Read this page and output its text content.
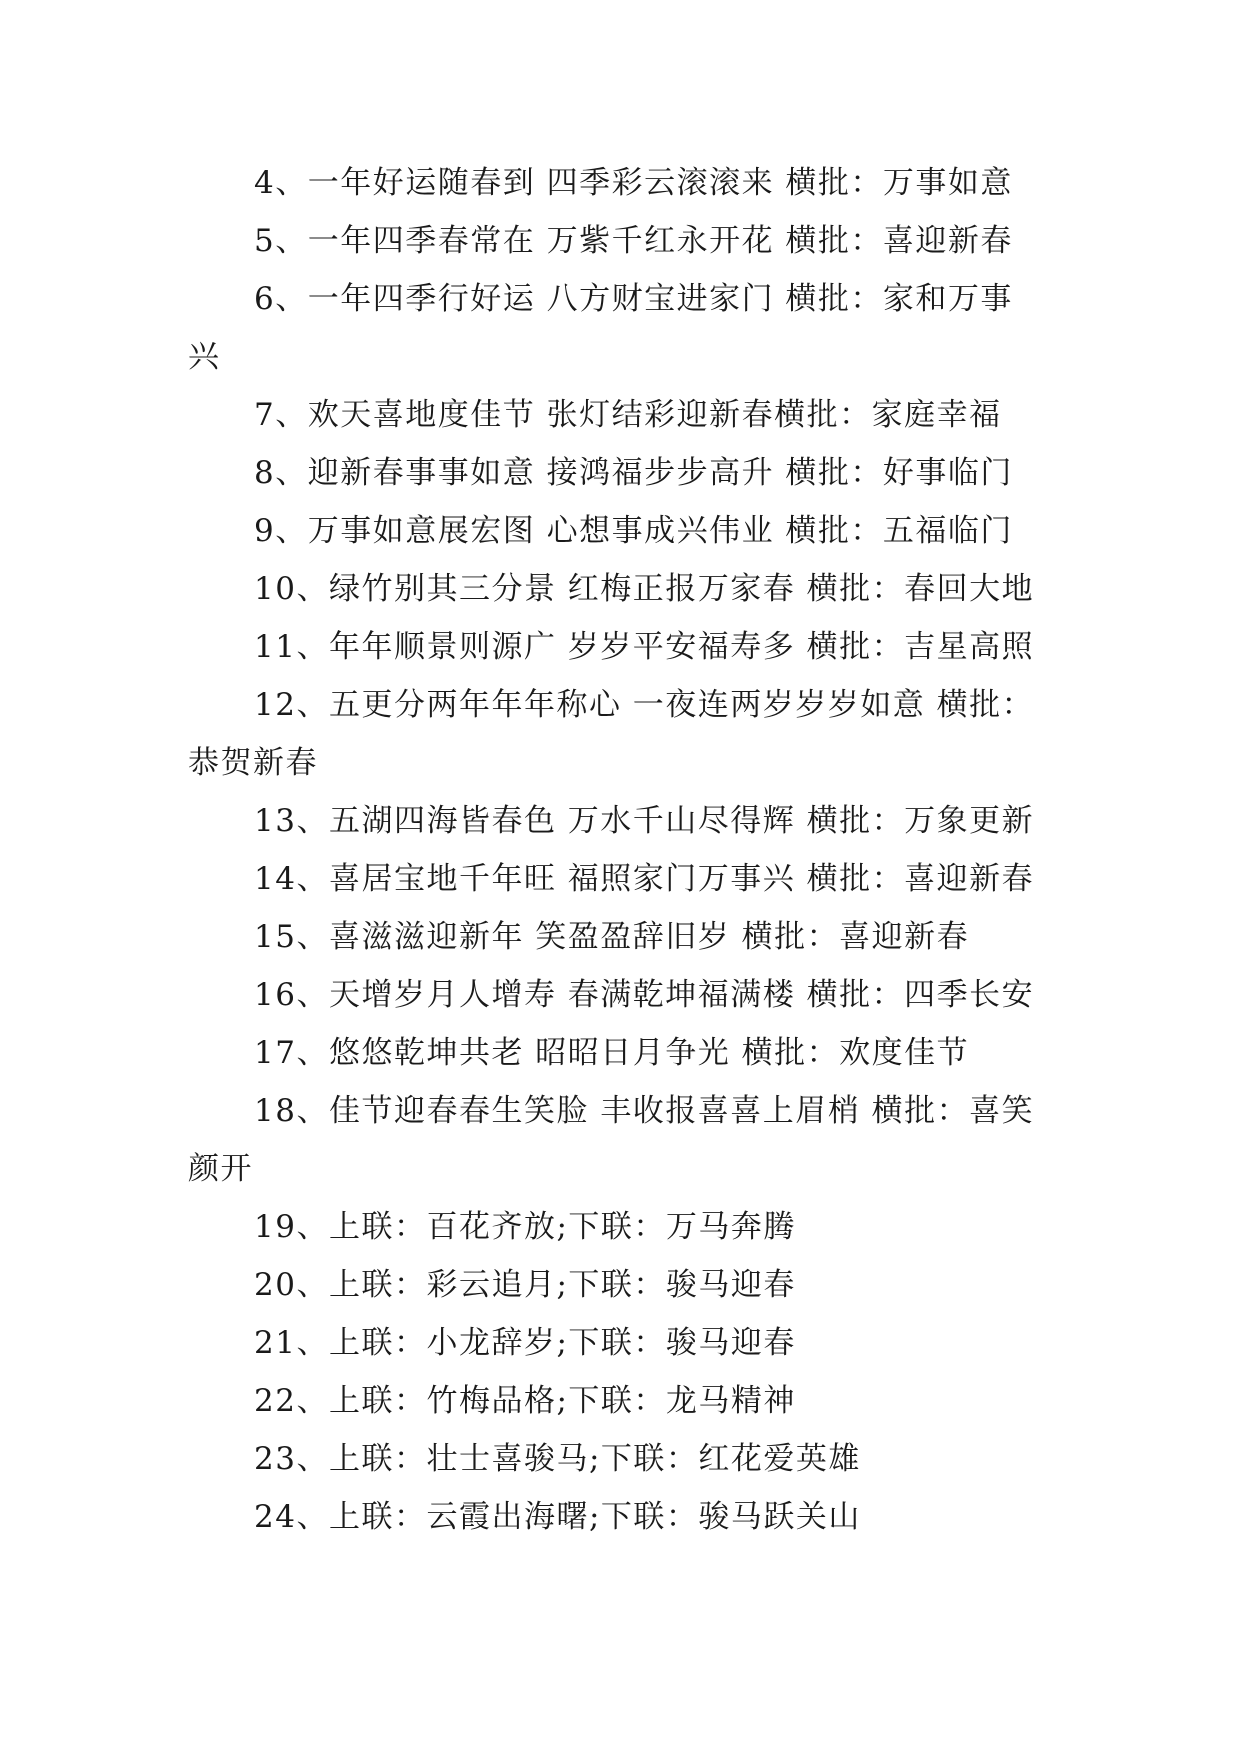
4、一年好运随春到 四季彩云滚滚来 横批：万事如意
5、一年四季春常在 万紫千红永开花 横批：喜迎新春
6、一年四季行好运 八方财宝进家门 横批：家和万事
兴
7、欢天喜地度佳节 张灯结彩迎新春横批：家庭幸福
8、迎新春事事如意 接鸿福步步高升 横批：好事临门
9、万事如意展宏图 心想事成兴伟业 横批：五福临门
10、绿竹别其三分景 红梅正报万家春 横批：春回大地
11、年年顺景则源广 岁岁平安福寿多 横批：吉星高照
12、五更分两年年年称心 一夜连两岁岁岁如意 横批：
恭贺新春
13、五湖四海皆春色 万水千山尽得辉 横批：万象更新
14、喜居宝地千年旺 福照家门万事兴 横批：喜迎新春
15、喜滋滋迎新年 笑盈盈辞旧岁 横批：喜迎新春
16、天增岁月人增寿 春满乾坤福满楼 横批：四季长安
17、悠悠乾坤共老 昭昭日月争光 横批：欢度佳节
18、佳节迎春春生笑脸 丰收报喜喜上眉梢 横批：喜笑
颜开
19、上联：百花齐放;下联：万马奔腾
20、上联：彩云追月;下联：骏马迎春
21、上联：小龙辞岁;下联：骏马迎春
22、上联：竹梅品格;下联：龙马精神
23、上联：壮士喜骏马;下联：红花爱英雄
24、上联：云霞出海曙;下联：骏马跃关山
